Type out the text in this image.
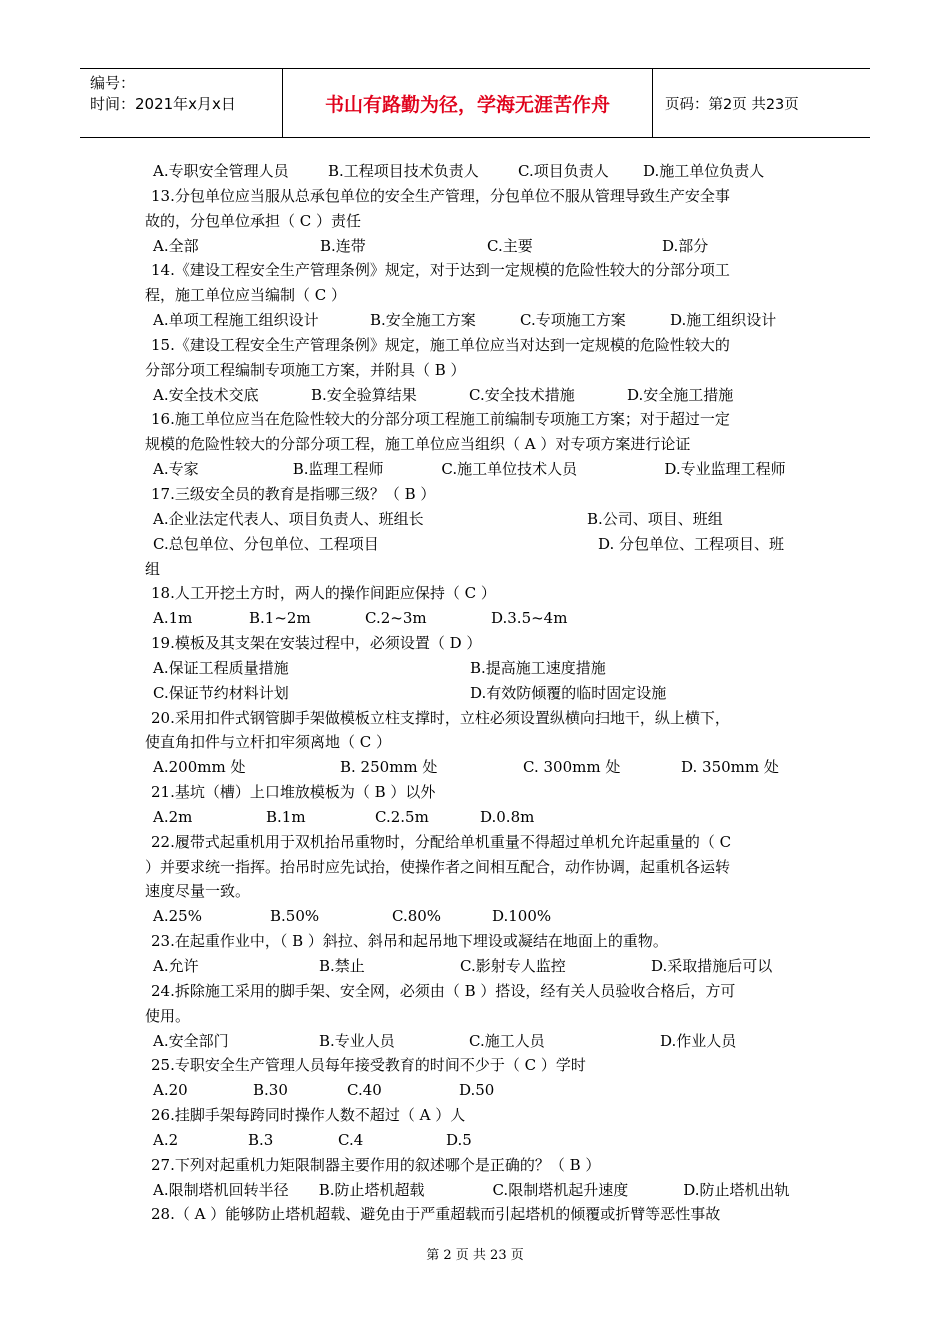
编号：
时间：2021年x月x日	书山有路勤为径，学海无涯苦作舟	页码：第2页 共23页
A.专职安全管理人员	B.工程项目技术负责人	C.项目负责人	D.施工单位负责人
13.分包单位应当服从总承包单位的安全生产管理，分包单位不服从管理导致生产安全事
故的，分包单位承担（ C ）责任
A.全部	B.连带	C.主要	D.部分
14.《建设工程安全生产管理条例》规定，对于达到一定规模的危险性较大的分部分项工
程，施工单位应当编制（ C ）
A.单项工程施工组织设计	B.安全施工方案	C.专项施工方案	D.施工组织设计
15.《建设工程安全生产管理条例》规定，施工单位应当对达到一定规模的危险性较大的
分部分项工程编制专项施工方案，并附具（ B ）
A.安全技术交底	B.安全验算结果	C.安全技术措施	D.安全施工措施
16.施工单位应当在危险性较大的分部分项工程施工前编制专项施工方案；对于超过一定
规模的危险性较大的分部分项工程，施工单位应当组织（ A ）对专项方案进行论证
A.专家	B.监理工程师	C.施工单位技术人员	D.专业监理工程师
17.三级安全员的教育是指哪三级？（ B ）
A.企业法定代表人、项目负责人、班组长	B.公司、项目、班组
C.总包单位、分包单位、工程项目	D. 分包单位、工程项目、班
组
18.人工开挖土方时，两人的操作间距应保持（ C ）
A.1m	B.1~2m	C.2~3m	D.3.5~4m
19.模板及其支架在安装过程中，必须设置（ D ）
A.保证工程质量措施	B.提高施工速度措施
C.保证节约材料计划	D.有效防倾覆的临时固定设施
20.采用扣件式钢管脚手架做模板立柱支撑时，立柱必须设置纵横向扫地干，纵上横下，
使直角扣件与立杆扣牢须离地（ C ）
A.200mm 处	B. 250mm 处	C. 300mm 处	D. 350mm 处
21.基坑（槽）上口堆放模板为（ B ）以外
A.2m	B.1m	C.2.5m	D.0.8m
22.履带式起重机用于双机抬吊重物时，分配给单机重量不得超过单机允许起重量的（ C
）并要求统一指挥。抬吊时应先试抬，使操作者之间相互配合，动作协调，起重机各运转
速度尽量一致。
A.25%	B.50%	C.80%	D.100%
23.在起重作业中，（ B ）斜拉、斜吊和起吊地下埋设或凝结在地面上的重物。
A.允许	B.禁止	C.影射专人监控	D.采取措施后可以
24.拆除施工采用的脚手架、安全网，必须由（ B ）搭设，经有关人员验收合格后，方可
使用。
A.安全部门	B.专业人员	C.施工人员	D.作业人员
25.专职安全生产管理人员每年接受教育的时间不少于（ C ）学时
A.20	B.30	C.40	D.50
26.挂脚手架每跨同时操作人数不超过（ A ）人
A.2	B.3	C.4	D.5
27.下列对起重机力矩限制器主要作用的叙述哪个是正确的？（ B ）
A.限制塔机回转半径	B.防止塔机超载	C.限制塔机起升速度	D.防止塔机出轨
28.（ A ）能够防止塔机超载、避免由于严重超载而引起塔机的倾覆或折臂等恶性事故
第 2 页 共 23 页
